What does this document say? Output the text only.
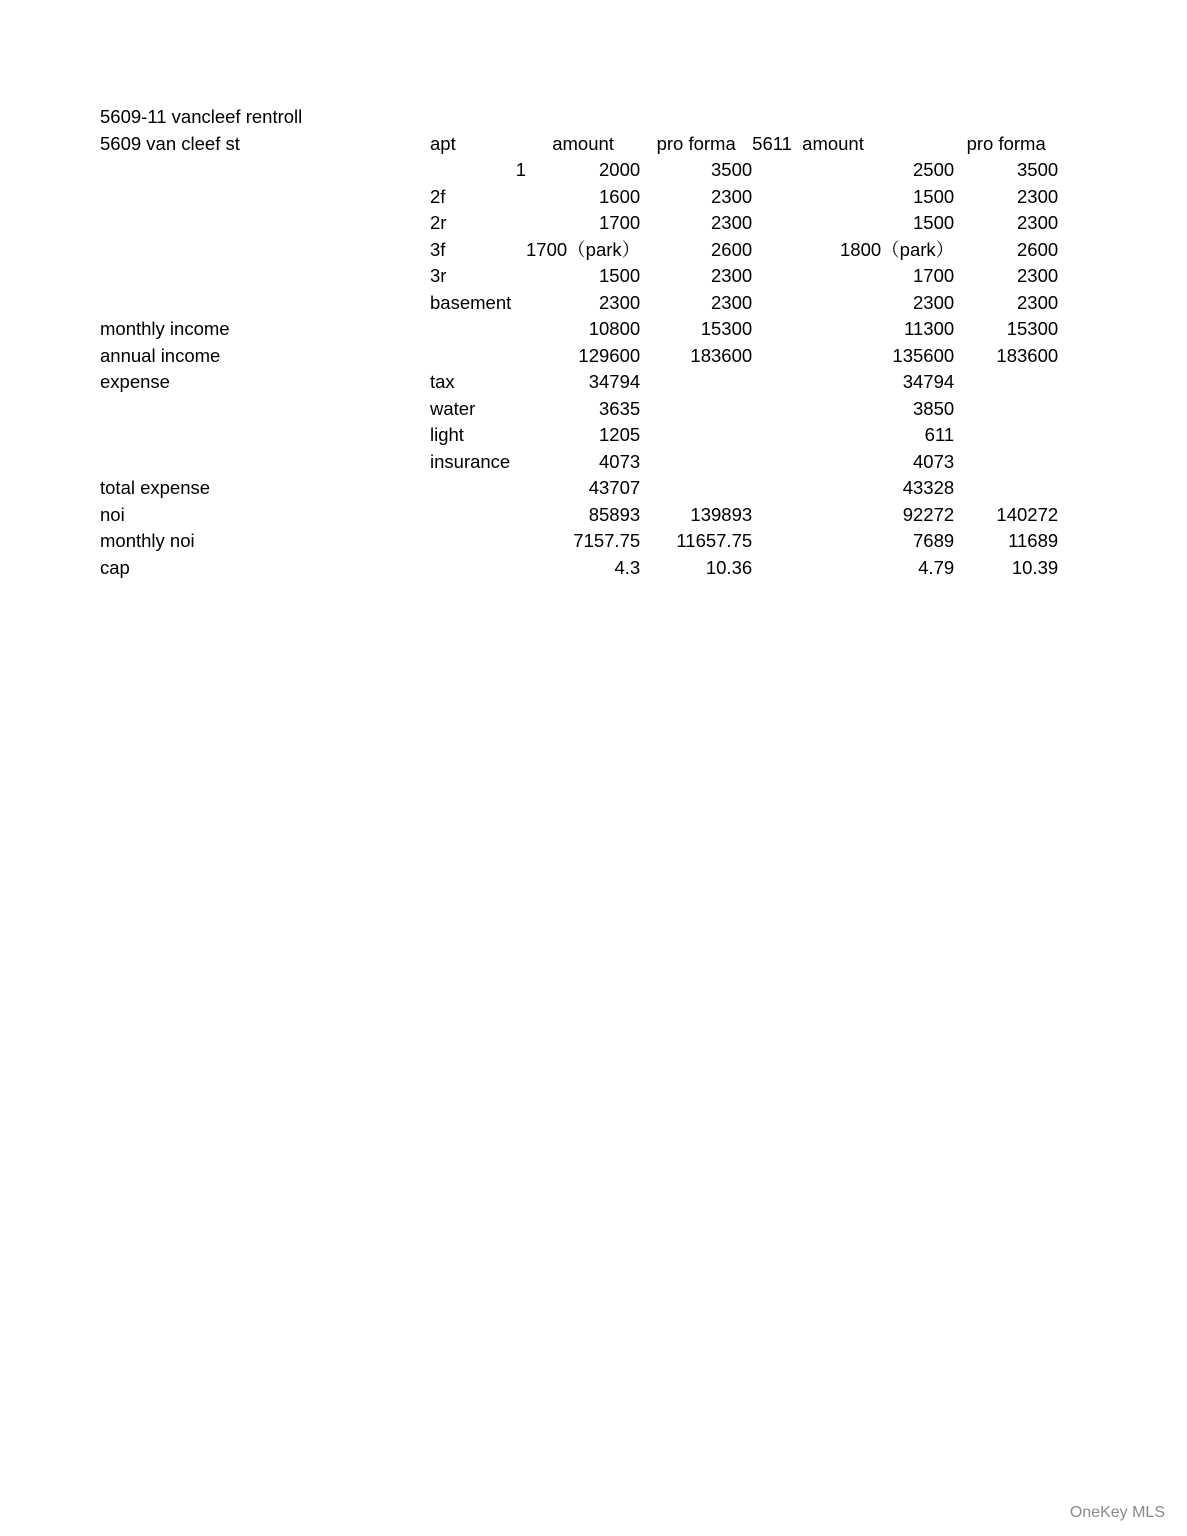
5609-11 vancleef rentroll						
5609 van cleef st	apt	amount	pro forma	5611	amount	pro forma
	1	2000	3500		2500	3500
	2f	1600	2300		1500	2300
	2r	1700	2300		1500	2300
	3f	1700（park）	2600		1800（park）	2600
	3r	1500	2300		1700	2300
	basement	2300	2300		2300	2300
monthly income		10800	15300		11300	15300
annual income		129600	183600		135600	183600
expense	tax	34794			34794	
	water	3635			3850	
	light	1205			611	
	insurance	4073			4073	
total expense		43707			43328	
noi		85893	139893		92272	140272
monthly noi		7157.75	11657.75		7689	11689
cap		4.3	10.36		4.79	10.39
OneKey MLS
